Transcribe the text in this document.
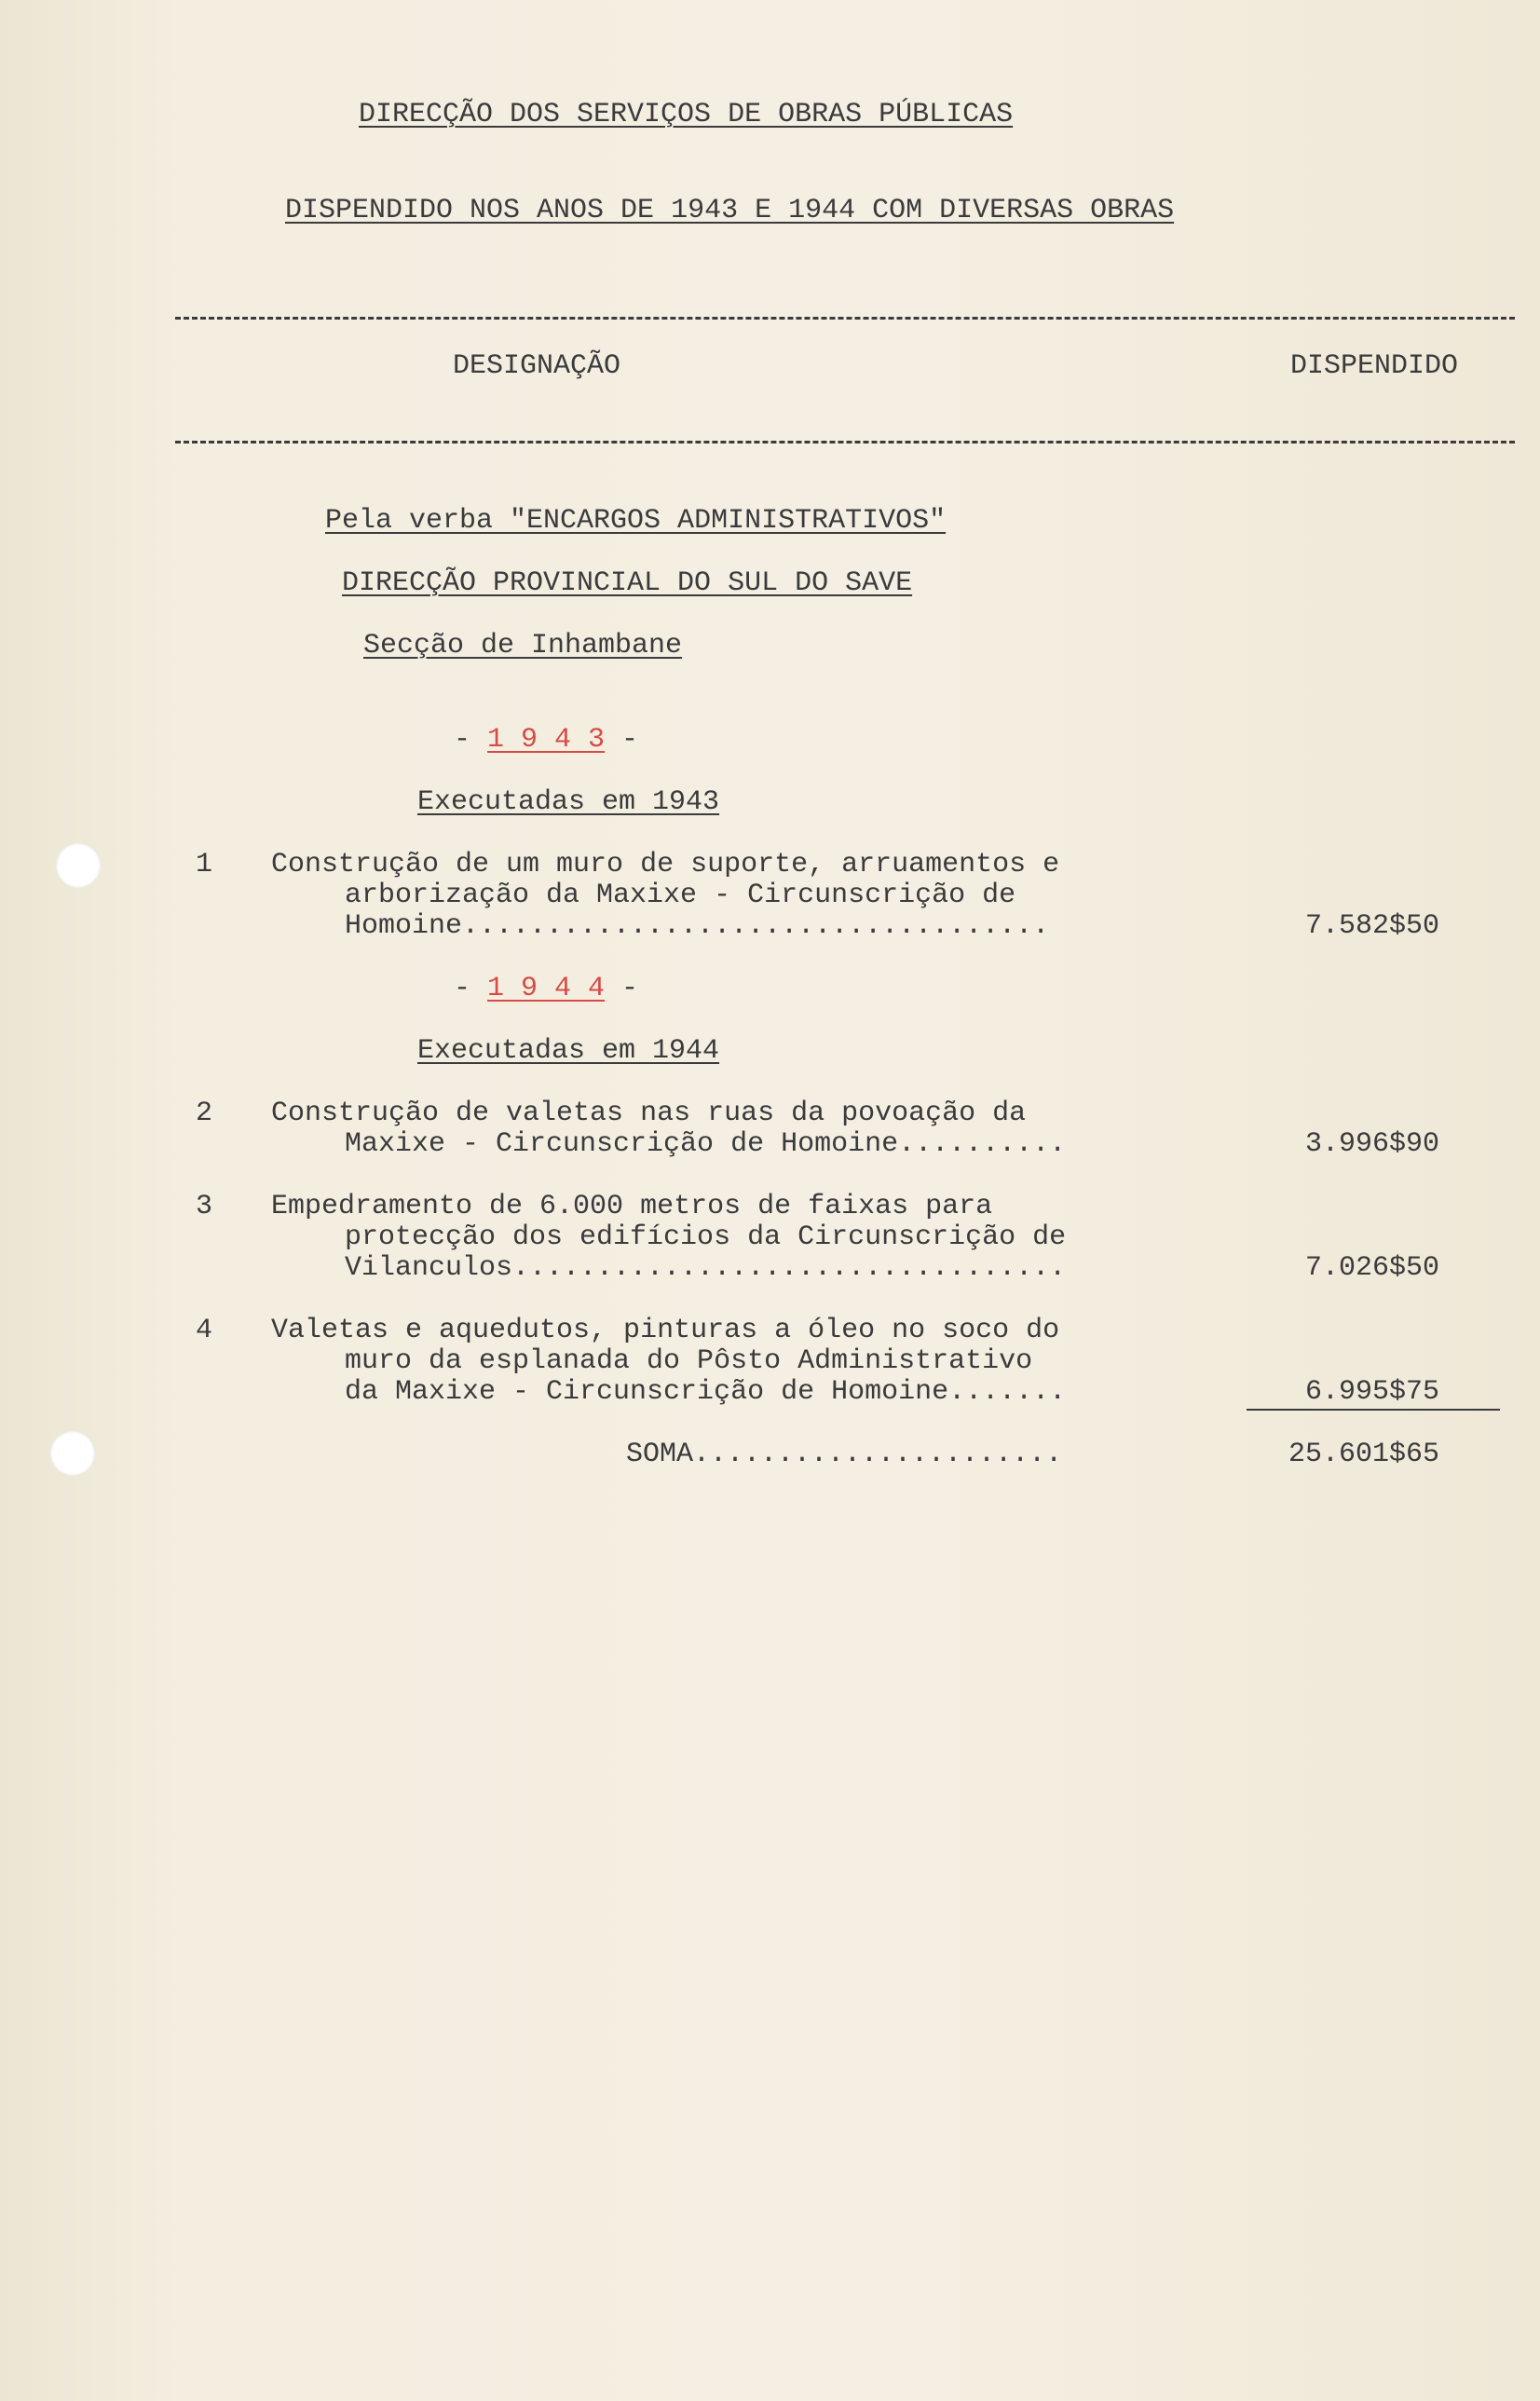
DIRECÇÃO DOS SERVIÇOS DE OBRAS PÚBLICAS
DISPENDIDO NOS ANOS DE 1943 E 1944 COM DIVERSAS OBRAS
DESIGNAÇÃO	DISPENDIDO
Pela verba "ENCARGOS ADMINISTRATIVOS"
DIRECÇÃO PROVINCIAL DO SUL DO SAVE
Secção de Inhambane
- 1 9 4 3 -
Executadas em 1943
1 Construção de um muro de suporte, arruamentos e
arborização da Maxixe - Circunscrição de
Homoine...................................	7.582$50
- 1 9 4 4 -
Executadas em 1944
2 Construção de valetas nas ruas da povoação da
Maxixe - Circunscrição de Homoine..........	3.996$90
3 Empedramento de 6.000 metros de faixas para
protecção dos edifícios da Circunscrição de
Vilanculos.................................	7.026$50
4 Valetas e aquedutos, pinturas a óleo no soco do
muro da esplanada do Pôsto Administrativo
da Maxixe - Circunscrição de Homoine.......	6.995$75
SOMA......................	25.601$65
